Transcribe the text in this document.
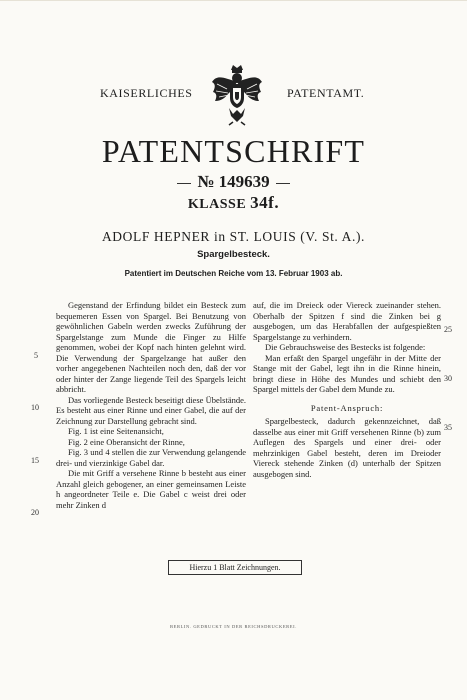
KAISERLICHES	PATENTAMT.
PATENTSCHRIFT
№ 149639
KLASSE 34f.
ADOLF HEPNER in ST. LOUIS (V. St. A.).
Spargelbesteck.
Patentiert im Deutschen Reiche vom 13. Februar 1903 ab.

Gegenstand der Erfindung bildet ein Besteck zum bequemeren Essen von Spargel. Bei Benutzung von gewöhnlichen Gabeln werden zwecks Zuführung der Spargelstange zum Munde die Finger zu Hilfe genommen, wobei der Kopf nach hinten gelehnt wird. Die Verwendung der Spargelzange hat außer den vorher angegebenen Nachteilen noch den, daß der vor oder hinter der Zange liegende Teil des Spargels leicht abbricht.

Das vorliegende Besteck beseitigt diese Übelstände. Es besteht aus einer Rinne und einer Gabel, die auf der Zeichnung zur Darstellung gebracht sind.

Fig. 1 ist eine Seitenansicht,

Fig. 2 eine Oberansicht der Rinne,

Fig. 3 und 4 stellen die zur Verwendung gelangende drei- und vierzinkige Gabel dar.

Die mit Griff a versehene Rinne b besteht aus einer Anzahl gleich gebogener, an einer gemeinsamen Leiste h angeordneter Teile e. Die Gabel c weist drei oder mehr Zinken d

5
10
15
20

auf, die im Dreieck oder Viereck zueinander stehen. Oberhalb der Spitzen f sind die Zinken bei g ausgebogen, um das Herabfallen der aufgespießten Spargelstange zu verhindern.

Die Gebrauchsweise des Bestecks ist folgende:

Man erfaßt den Spargel ungefähr in der Mitte der Stange mit der Gabel, legt ihn in die Rinne hinein, bringt diese in Höhe des Mundes und schiebt den Spargel mittels der Gabel dem Munde zu.

Patent-Anspruch:

Spargelbesteck, dadurch gekennzeichnet, daß dasselbe aus einer mit Griff versehenen Rinne (b) zum Auflegen des Spargels und einer drei- oder mehrzinkigen Gabel besteht, deren im Dreioder Viereck stehende Zinken (d) unterhalb der Spitzen ausgebogen sind.

25
30
35
Hierzu 1 Blatt Zeichnungen.
BERLIN. GEDRUCKT IN DER REICHSDRUCKEREI.
